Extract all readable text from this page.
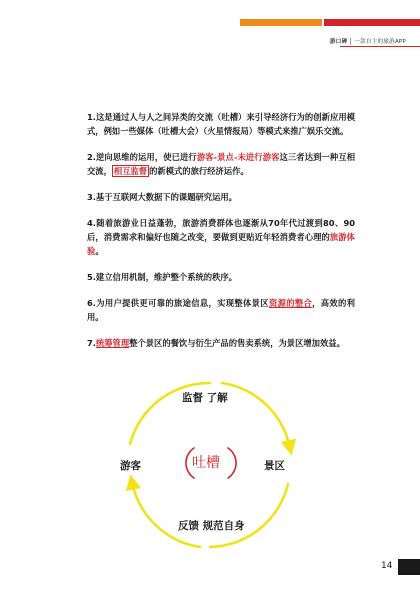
游口碑 一款自主的旅游APP

1.这是通过人与人之间异类的交流（吐槽）来引导经济行为的创新应用模式，例如一些媒体（吐槽大会）（火星情报局）等模式来推广娱乐交流。

2.逆向思维的运用，使已进行游客-景点-未进行游客这三者达到一种互相交流， 相互监督 的新模式的旅行经济运作。

3.基于互联网大数据下的课题研究运用。

4.随着旅游业日益蓬勃，旅游消费群体也逐渐从70年代过渡到80、90后，消费需求和偏好也随之改变，要做到更贴近年轻消费者心理的旅游体验。

5.建立信用机制，维护整个系统的秩序。

6.为用户提供更可靠的旅途信息，实现整体景区资源的整合，高效的利用。

7.统筹管理整个景区的餐饮与衍生产品的售卖系统，为景区增加效益。

监督 了解
游客	景区
反馈 规范自身
吐槽
14
